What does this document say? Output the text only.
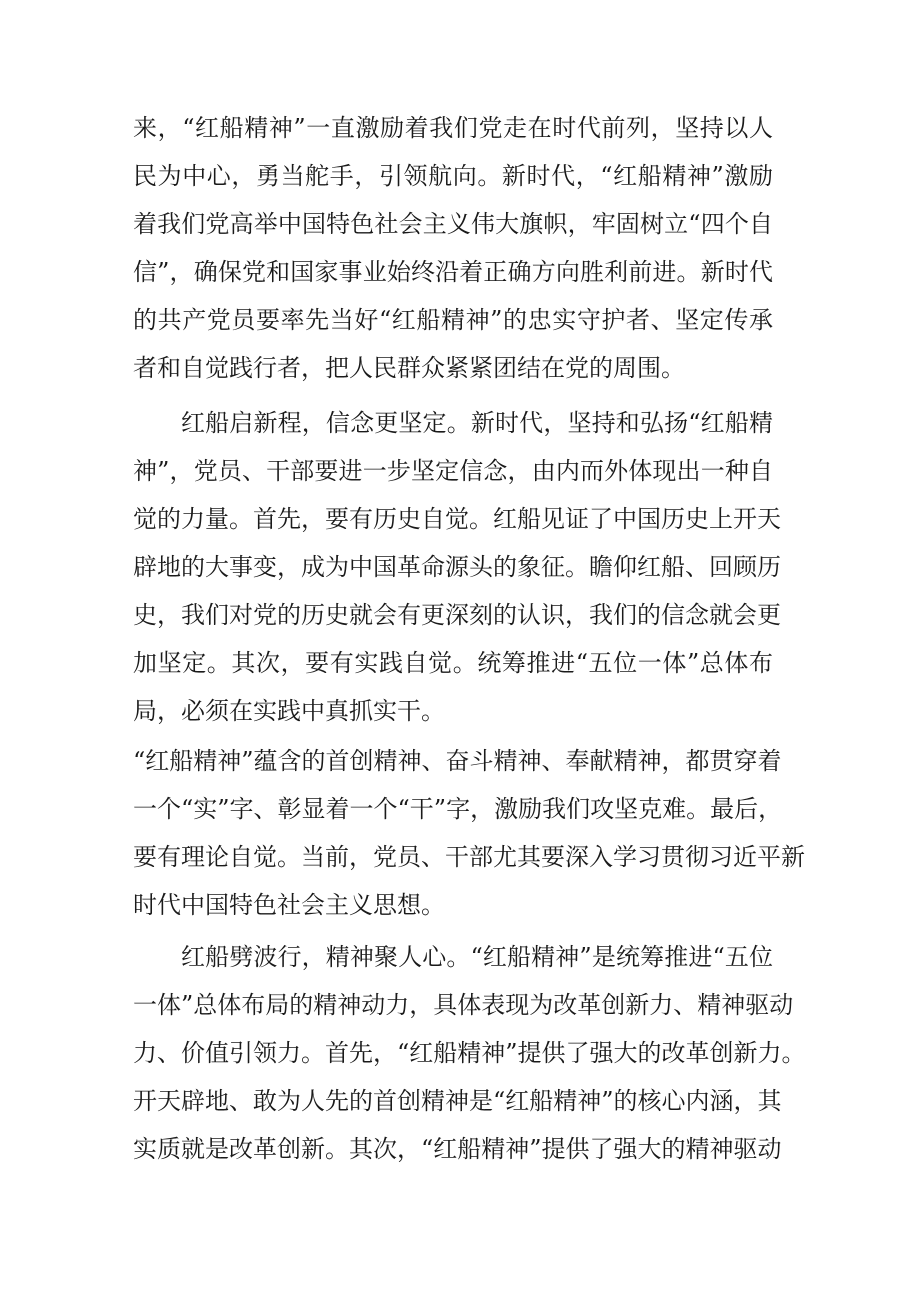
来，“红船精神”一直激励着我们党走在时代前列，坚持以人
民为中心，勇当舵手，引领航向。新时代，“红船精神”激励
着我们党高举中国特色社会主义伟大旗帜，牢固树立“四个自
信”，确保党和国家事业始终沿着正确方向胜利前进。新时代
的共产党员要率先当好“红船精神”的忠实守护者、坚定传承
者和自觉践行者，把人民群众紧紧团结在党的周围。
红船启新程，信念更坚定。新时代，坚持和弘扬“红船精
神”，党员、干部要进一步坚定信念，由内而外体现出一种自
觉的力量。首先，要有历史自觉。红船见证了中国历史上开天
辟地的大事变，成为中国革命源头的象征。瞻仰红船、回顾历
史，我们对党的历史就会有更深刻的认识，我们的信念就会更
加坚定。其次，要有实践自觉。统筹推进“五位一体”总体布
局，必须在实践中真抓实干。
“红船精神”蕴含的首创精神、奋斗精神、奉献精神，都贯穿着
一个“实”字、彰显着一个“干”字，激励我们攻坚克难。最后，
要有理论自觉。当前，党员、干部尤其要深入学习贯彻习近平新
时代中国特色社会主义思想。
红船劈波行，精神聚人心。“红船精神”是统筹推进“五位
一体”总体布局的精神动力，具体表现为改革创新力、精神驱动
力、价值引领力。首先，“红船精神”提供了强大的改革创新力。
开天辟地、敢为人先的首创精神是“红船精神”的核心内涵，其
实质就是改革创新。其次，“红船精神”提供了强大的精神驱动
